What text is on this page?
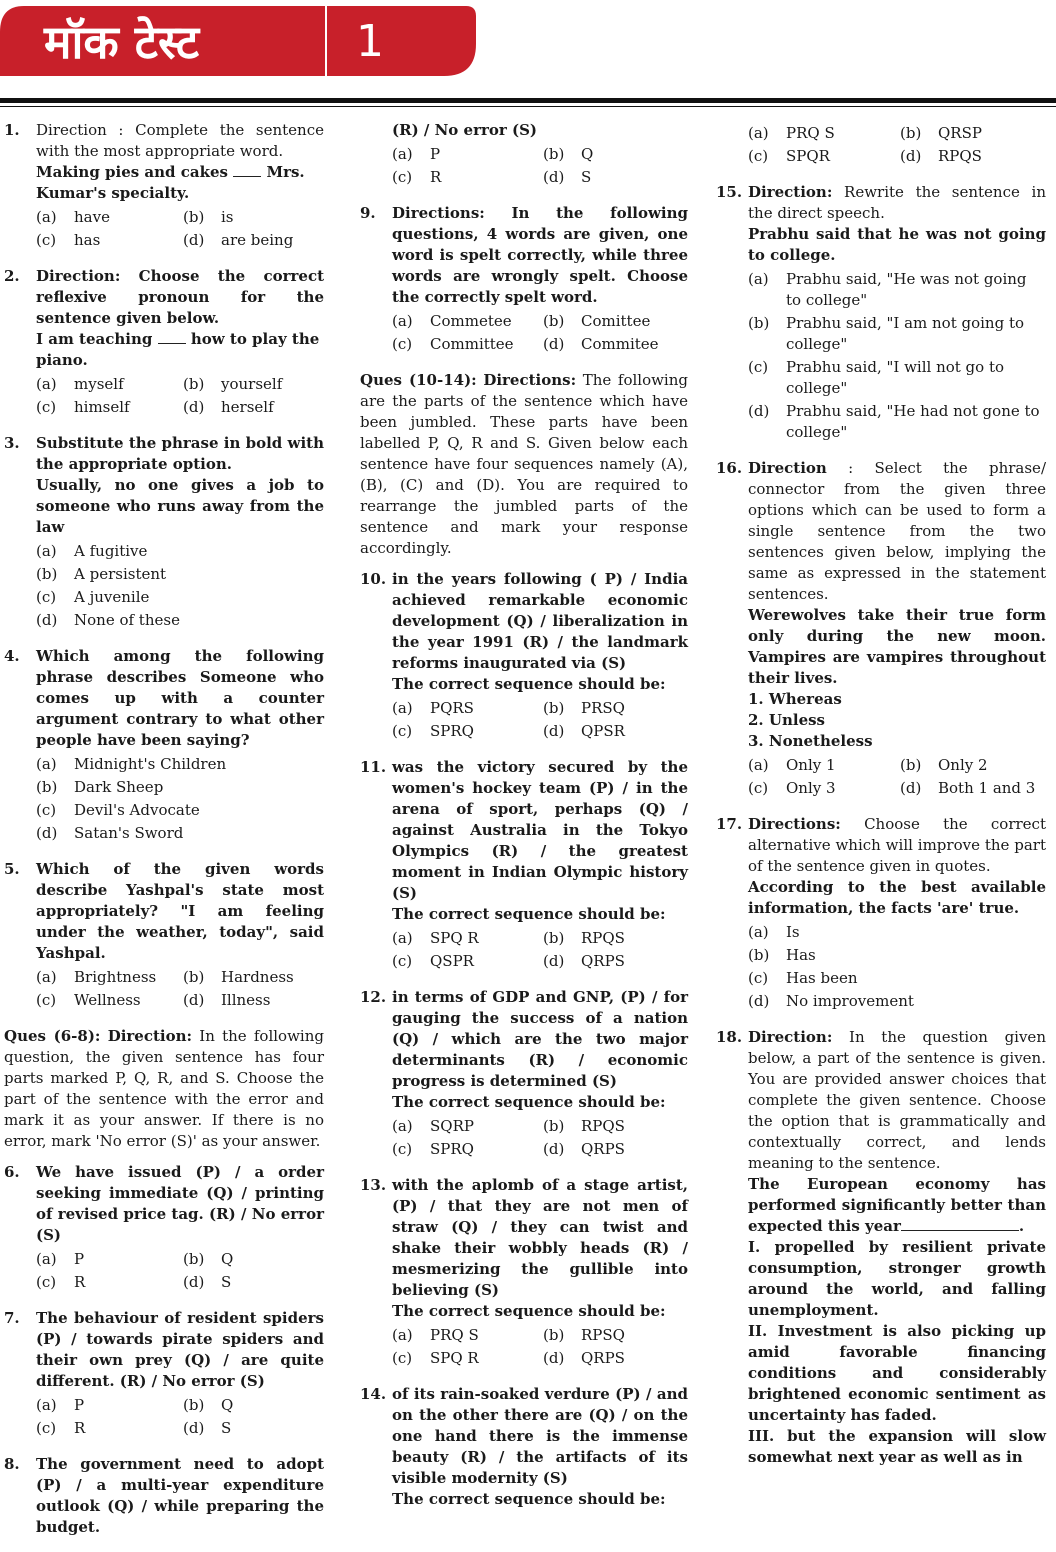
मॉक टेस्ट	1
1.	Direction : Complete the sentence with the most appropriate word.
Making pies and cakes	Mrs. Kumar's specialty.
(a)	have	(b)	is
(c)	has	(d)	are being
2.	Direction: Choose the correct reflexive pronoun for the sentence given below.
I am teaching	how to play the piano.
(a)	myself	(b)	yourself
(c)	himself	(d)	herself
3.	Substitute the phrase in bold with the appropriate option.
Usually, no one gives a job to someone who runs away from the law
(a)	A fugitive
(b)	A persistent
(c)	A juvenile
(d)	None of these
4.	Which among the following phrase describes Someone who comes up with a counter argument contrary to what other people have been saying?
(a)	Midnight's Children
(b)	Dark Sheep
(c)	Devil's Advocate
(d)	Satan's Sword
5.	Which of the given words describe Yashpal's state most appropriately? "I am feeling under the weather, today", said Yashpal.
(a)	Brightness	(b)	Hardness
(c)	Wellness	(d)	Illness
Ques (6-8): Direction: In the following question, the given sentence has four parts marked P, Q, R, and S. Choose the part of the sentence with the error and mark it as your answer. If there is no error, mark 'No error (S)' as your answer.
6.	We have issued (P) / a order seeking immediate (Q) / printing of revised price tag. (R) / No error (S)
(a)	P	(b)	Q
(c)	R	(d)	S
7.	The behaviour of resident spiders (P) / towards pirate spiders and their own prey (Q) / are quite different. (R) / No error (S)
(a)	P	(b)	Q
(c)	R	(d)	S
8.	The government need to adopt (P) / a multi-year expenditure outlook (Q) / while preparing the budget.
(R) / No error (S)
(a)	P	(b)	Q
(c)	R	(d)	S
9.	Directions: In the following questions, 4 words are given, one word is spelt correctly, while three words are wrongly spelt. Choose the correctly spelt word.
(a)	Commetee	(b)	Comittee
(c)	Committee	(d)	Commitee
Ques (10-14): Directions: The following are the parts of the sentence which have been jumbled. These parts have been labelled P, Q, R and S. Given below each sentence have four sequences namely (A), (B), (C) and (D). You are required to rearrange the jumbled parts of the sentence and mark your response accordingly.
10. in the years following ( P) / India achieved remarkable economic development (Q) / liberalization in the year 1991 (R) / the landmark reforms inaugurated via (S)
The correct sequence should be:
(a)	PQRS	(b)	PRSQ
(c)	SPRQ	(d)	QPSR
11. was the victory secured by the women's hockey team (P) / in the arena of sport, perhaps (Q) / against Australia in the Tokyo Olympics (R) / the greatest moment in Indian Olympic history (S)
The correct sequence should be:
(a)	SPQ R	(b)	RPQS
(c)	QSPR	(d)	QRPS
12. in terms of GDP and GNP, (P) / for gauging the success of a nation (Q) / which are the two major determinants (R) / economic progress is determined (S)
The correct sequence should be:
(a)	SQRP	(b)	RPQS
(c)	SPRQ	(d)	QRPS
13. with the aplomb of a stage artist, (P) / that they are not men of straw (Q) / they can twist and shake their wobbly heads (R) / mesmerizing the gullible into believing (S)
The correct sequence should be:
(a)	PRQ S	(b)	RPSQ
(c)	SPQ R	(d)	QRPS
14. of its rain-soaked verdure (P) / and on the other there are (Q) / on the one hand there is the immense beauty (R) / the artifacts of its visible modernity (S)
The correct sequence should be:
(a)	PRQ S	(b)	QRSP
(c)	SPQR	(d)	RPQS
15. Direction: Rewrite the sentence in the direct speech.
Prabhu said that he was not going to college.
(a)	Prabhu said, "He was not going to college"
(b)	Prabhu said, "I am not going to college"
(c)	Prabhu said, "I will not go to college"
(d)	Prabhu said, "He had not gone to college"
16. Direction : Select the phrase/ connector from the given three options which can be used to form a single sentence from the two sentences given below, implying the same as expressed in the statement sentences.
Werewolves take their true form only during the new moon. Vampires are vampires throughout their lives.
1. Whereas
2. Unless
3. Nonetheless
(a)	Only 1	(b)	Only 2
(c)	Only 3	(d)	Both 1 and 3
17. Directions: Choose the correct alternative which will improve the part of the sentence given in quotes.
According to the best available information, the facts 'are' true.
(a)	Is
(b)	Has
(c)	Has been
(d)	No improvement
18. Direction: In the question given below, a part of the sentence is given. You are provided answer choices that complete the given sentence. Choose the option that is grammatically and contextually correct, and lends meaning to the sentence.
The European economy has performed significantly better than expected this year	.
I. propelled by resilient private consumption, stronger growth around the world, and falling unemployment.
II. Investment is also picking up amid favorable financing conditions and considerably brightened economic sentiment as uncertainty has faded.
III. but the expansion will slow somewhat next year as well as in
